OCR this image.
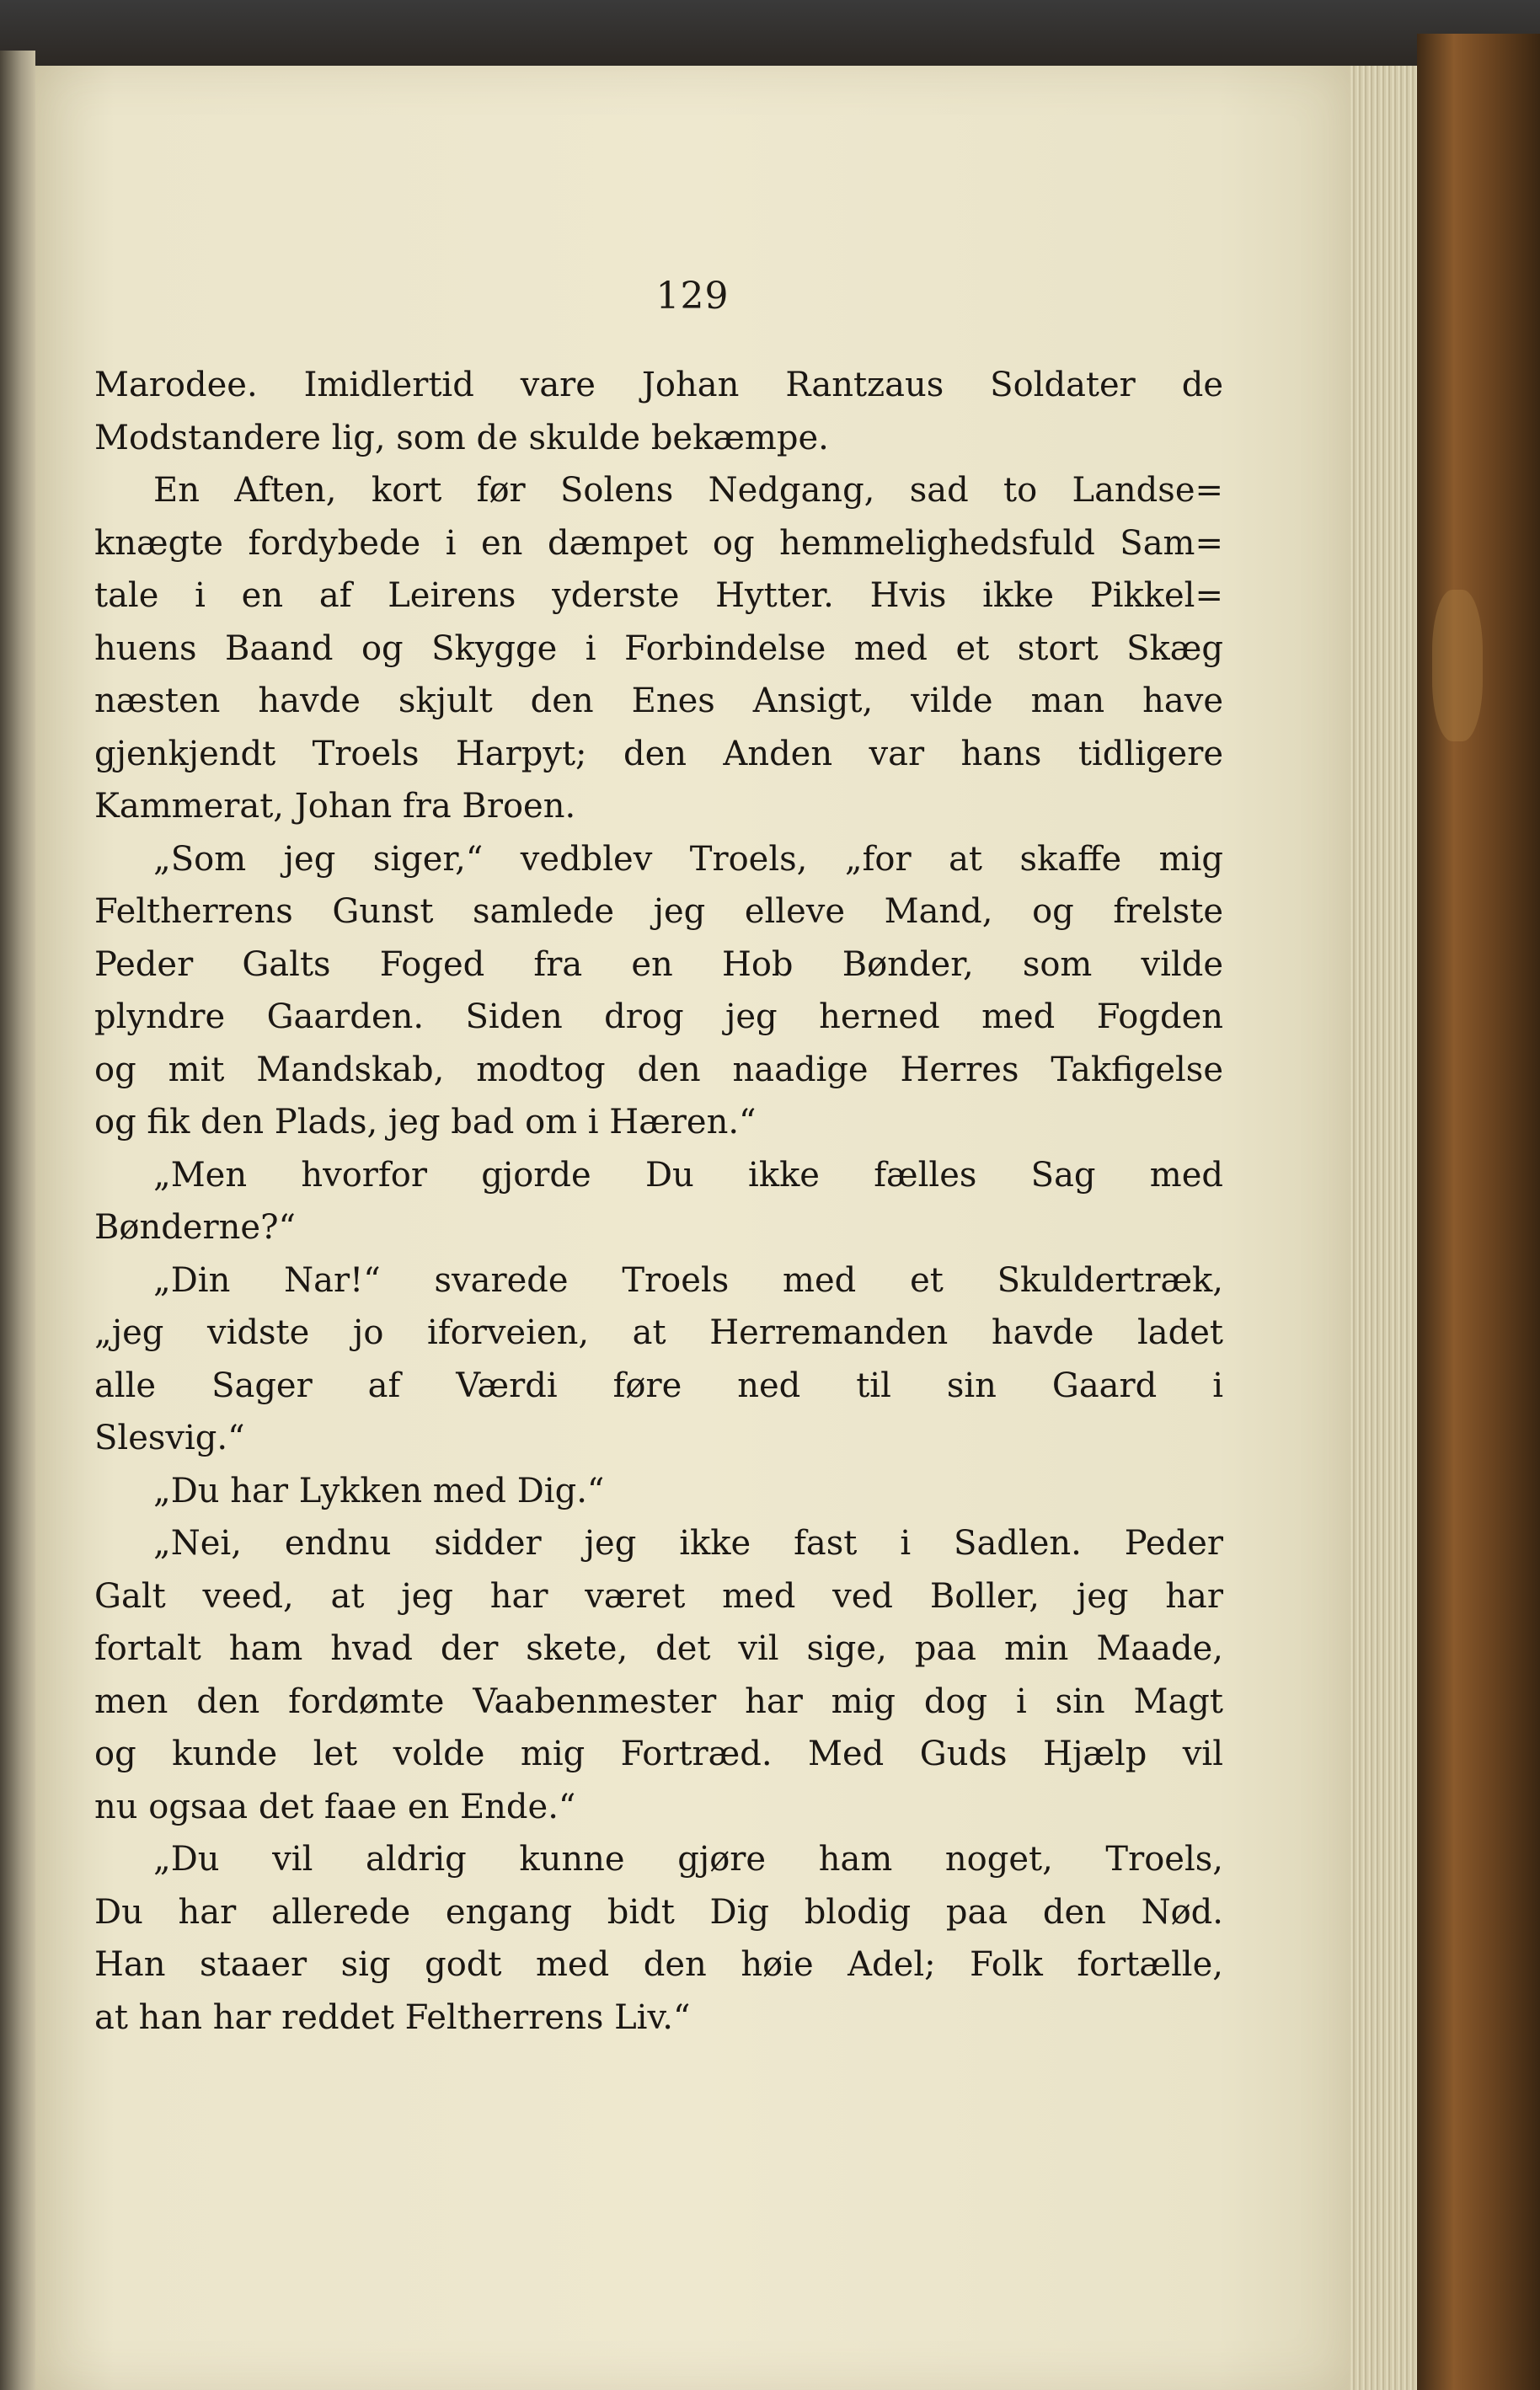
129
Marodee. Imidlertid vare Johan Rantzaus Soldater de
Modstandere lig, som de skulde bekæmpe.
En Aften, kort før Solens Nedgang, sad to Landse=
knægte fordybede i en dæmpet og hemmelighedsfuld Sam=
tale i en af Leirens yderste Hytter. Hvis ikke Pikkel=
huens Baand og Skygge i Forbindelse med et stort Skæg
næsten havde skjult den Enes Ansigt, vilde man have
gjenkjendt Troels Harpyt; den Anden var hans tidligere
Kammerat, Johan fra Broen.
„Som jeg siger,“ vedblev Troels, „for at skaffe mig
Feltherrens Gunst samlede jeg elleve Mand, og frelste
Peder Galts Foged fra en Hob Bønder, som vilde
plyndre Gaarden. Siden drog jeg herned med Fogden
og mit Mandskab, modtog den naadige Herres Takfigelse
og fik den Plads, jeg bad om i Hæren.“
„Men hvorfor gjorde Du ikke fælles Sag med
Bønderne?“
„Din Nar!“ svarede Troels med et Skuldertræk,
„jeg vidste jo iforveien, at Herremanden havde ladet
alle Sager af Værdi føre ned til sin Gaard i
Slesvig.“
„Du har Lykken med Dig.“
„Nei, endnu sidder jeg ikke fast i Sadlen. Peder
Galt veed, at jeg har været med ved Boller, jeg har
fortalt ham hvad der skete, det vil sige, paa min Maade,
men den fordømte Vaabenmester har mig dog i sin Magt
og kunde let volde mig Fortræd. Med Guds Hjælp vil
nu ogsaa det faae en Ende.“
„Du vil aldrig kunne gjøre ham noget, Troels,
Du har allerede engang bidt Dig blodig paa den Nød.
Han staaer sig godt med den høie Adel; Folk fortælle,
at han har reddet Feltherrens Liv.“
